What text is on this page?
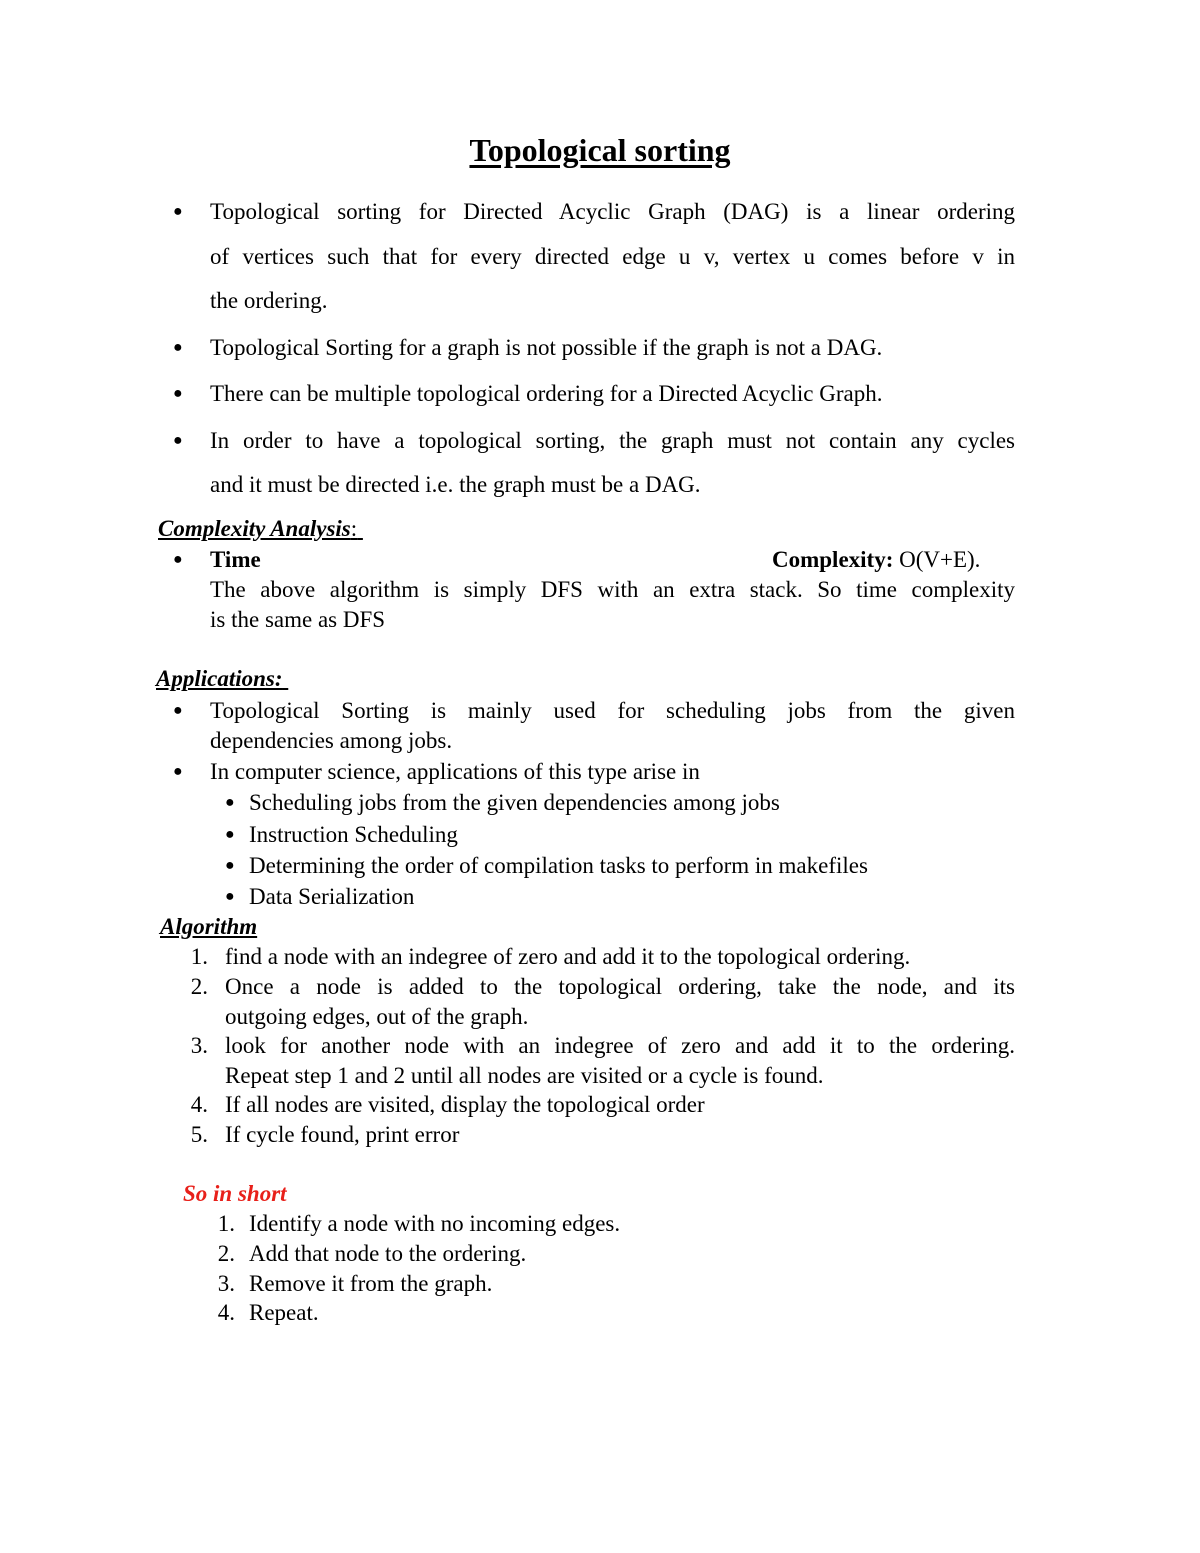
Topological sorting
● Topological sorting for Directed Acyclic Graph (DAG) is a linear ordering
of vertices such that for every directed edge u v, vertex u comes before v in
the ordering.
● Topological Sorting for a graph is not possible if the graph is not a DAG.
● There can be multiple topological ordering for a Directed Acyclic Graph.
● In order to have a topological sorting, the graph must not contain any cycles
and it must be directed i.e. the graph must be a DAG.
Complexity Analysis:
● Time	Complexity: O(V+E).
The above algorithm is simply DFS with an extra stack. So time complexity
is the same as DFS
Applications:
● Topological Sorting is mainly used for scheduling jobs from the given
dependencies among jobs.
● In computer science, applications of this type arise in
● Scheduling jobs from the given dependencies among jobs
● Instruction Scheduling
● Determining the order of compilation tasks to perform in makefiles
● Data Serialization
Algorithm
1. find a node with an indegree of zero and add it to the topological ordering.
2. Once a node is added to the topological ordering, take the node, and its
outgoing edges, out of the graph.
3. look for another node with an indegree of zero and add it to the ordering.
Repeat step 1 and 2 until all nodes are visited or a cycle is found.
4. If all nodes are visited, display the topological order
5. If cycle found, print error
So in short
1. Identify a node with no incoming edges.
2. Add that node to the ordering.
3. Remove it from the graph.
4. Repeat.
